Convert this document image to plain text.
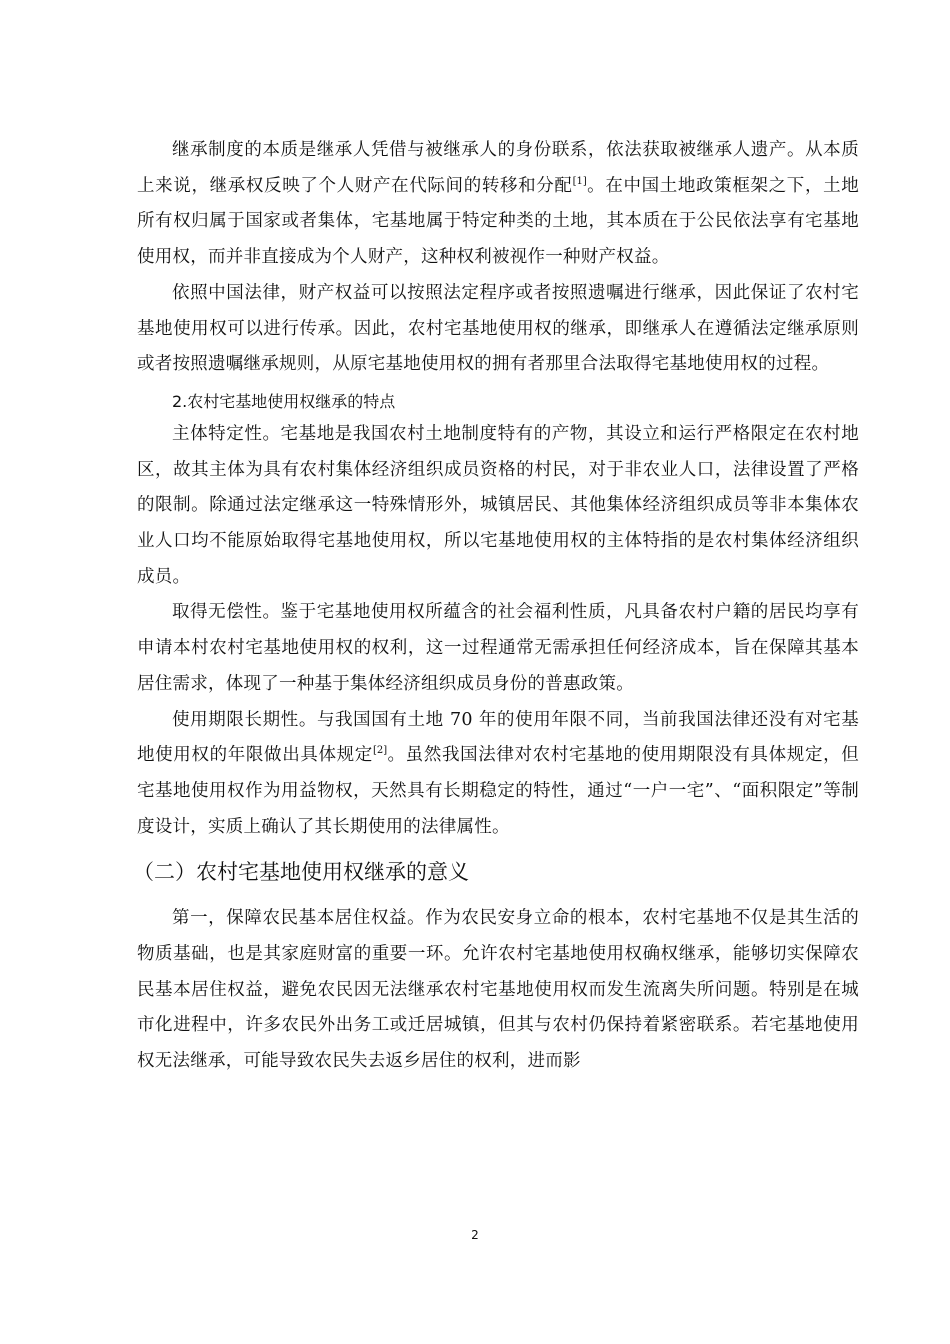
继承制度的本质是继承人凭借与被继承人的身份联系，依法获取被继承人遗产。从本质上来说，继承权反映了个人财产在代际间的转移和分配[1]。在中国土地政策框架之下，土地所有权归属于国家或者集体，宅基地属于特定种类的土地，其本质在于公民依法享有宅基地使用权，而并非直接成为个人财产，这种权利被视作一种财产权益。

依照中国法律，财产权益可以按照法定程序或者按照遗嘱进行继承，因此保证了农村宅基地使用权可以进行传承。因此，农村宅基地使用权的继承，即继承人在遵循法定继承原则或者按照遗嘱继承规则，从原宅基地使用权的拥有者那里合法取得宅基地使用权的过程。

2.农村宅基地使用权继承的特点

主体特定性。宅基地是我国农村土地制度特有的产物，其设立和运行严格限定在农村地区，故其主体为具有农村集体经济组织成员资格的村民，对于非农业人口，法律设置了严格的限制。除通过法定继承这一特殊情形外，城镇居民、其他集体经济组织成员等非本集体农业人口均不能原始取得宅基地使用权，所以宅基地使用权的主体特指的是农村集体经济组织成员。

取得无偿性。鉴于宅基地使用权所蕴含的社会福利性质，凡具备农村户籍的居民均享有申请本村农村宅基地使用权的权利，这一过程通常无需承担任何经济成本，旨在保障其基本居住需求，体现了一种基于集体经济组织成员身份的普惠政策。

使用期限长期性。与我国国有土地 70 年的使用年限不同，当前我国法律还没有对宅基地使用权的年限做出具体规定[2]。虽然我国法律对农村宅基地的使用期限没有具体规定，但宅基地使用权作为用益物权，天然具有长期稳定的特性，通过“一户一宅”、“面积限定”等制度设计，实质上确认了其长期使用的法律属性。

（二）农村宅基地使用权继承的意义

第一，保障农民基本居住权益。作为农民安身立命的根本，农村宅基地不仅是其生活的物质基础，也是其家庭财富的重要一环。允许农村宅基地使用权确权继承，能够切实保障农民基本居住权益，避免农民因无法继承农村宅基地使用权而发生流离失所问题。特别是在城市化进程中，许多农民外出务工或迁居城镇，但其与农村仍保持着紧密联系。若宅基地使用权无法继承，可能导致农民失去返乡居住的权利，进而影

2
